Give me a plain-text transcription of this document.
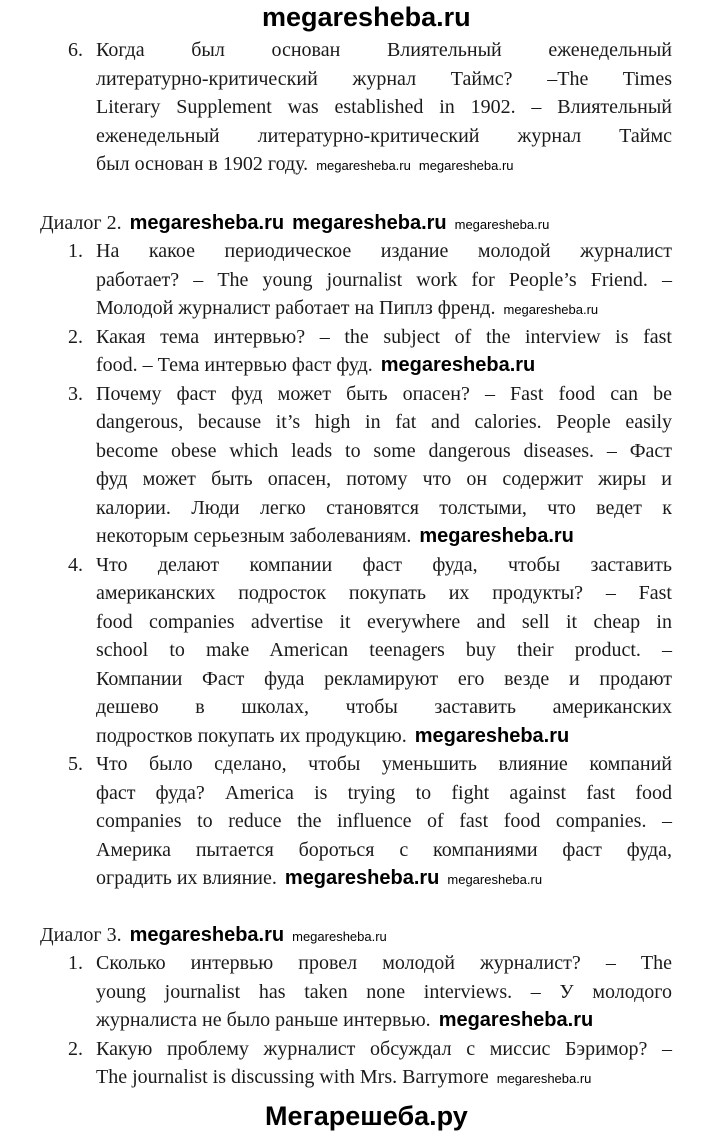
megaresheba.ru
6. Когда был основан Влиятельный еженедельный
литературно-критический журнал Таймс? –The Times
Literary Supplement was established in 1902. – Влиятельный
еженедельный литературно-критический журнал Таймс
был основан в 1902 году. megaresheba.ru megaresheba.ru
Диалог 2. megaresheba.ru megaresheba.ru megaresheba.ru
1. На какое периодическое издание молодой журналист
работает? – The young journalist work for People’s Friend. –
Молодой журналист работает на Пиплз френд. megaresheba.ru
2. Какая тема интервью? – the subject of the interview is fast
food. – Тема интервью фаст фуд. megaresheba.ru
3. Почему фаст фуд может быть опасен? – Fast food can be
dangerous, because it’s high in fat and calories. People easily
become obese which leads to some dangerous diseases. – Фаст
фуд может быть опасен, потому что он содержит жиры и
калории. Люди легко становятся толстыми, что ведет к
некоторым серьезным заболеваниям. megaresheba.ru
4. Что делают компании фаст фуда, чтобы заставить
американских подросток покупать их продукты? – Fast
food companies advertise it everywhere and sell it cheap in
school to make American teenagers buy their product. –
Компании Фаст фуда рекламируют его везде и продают
дешево в школах, чтобы заставить американских
подростков покупать их продукцию. megaresheba.ru
5. Что было сделано, чтобы уменьшить влияние компаний
фаст фуда? America is trying to fight against fast food
companies to reduce the influence of fast food companies. –
Америка пытается бороться с компаниями фаст фуда,
оградить их влияние. megaresheba.ru megaresheba.ru
Диалог 3. megaresheba.ru megaresheba.ru
1. Сколько интервью провел молодой журналист? – The
young journalist has taken none interviews. – У молодого
журналиста не было раньше интервью. megaresheba.ru
2. Какую проблему журналист обсуждал с миссис Бэримор? –
The journalist is discussing with Mrs. Barrymore megaresheba.ru
Мегарешеба.ру
